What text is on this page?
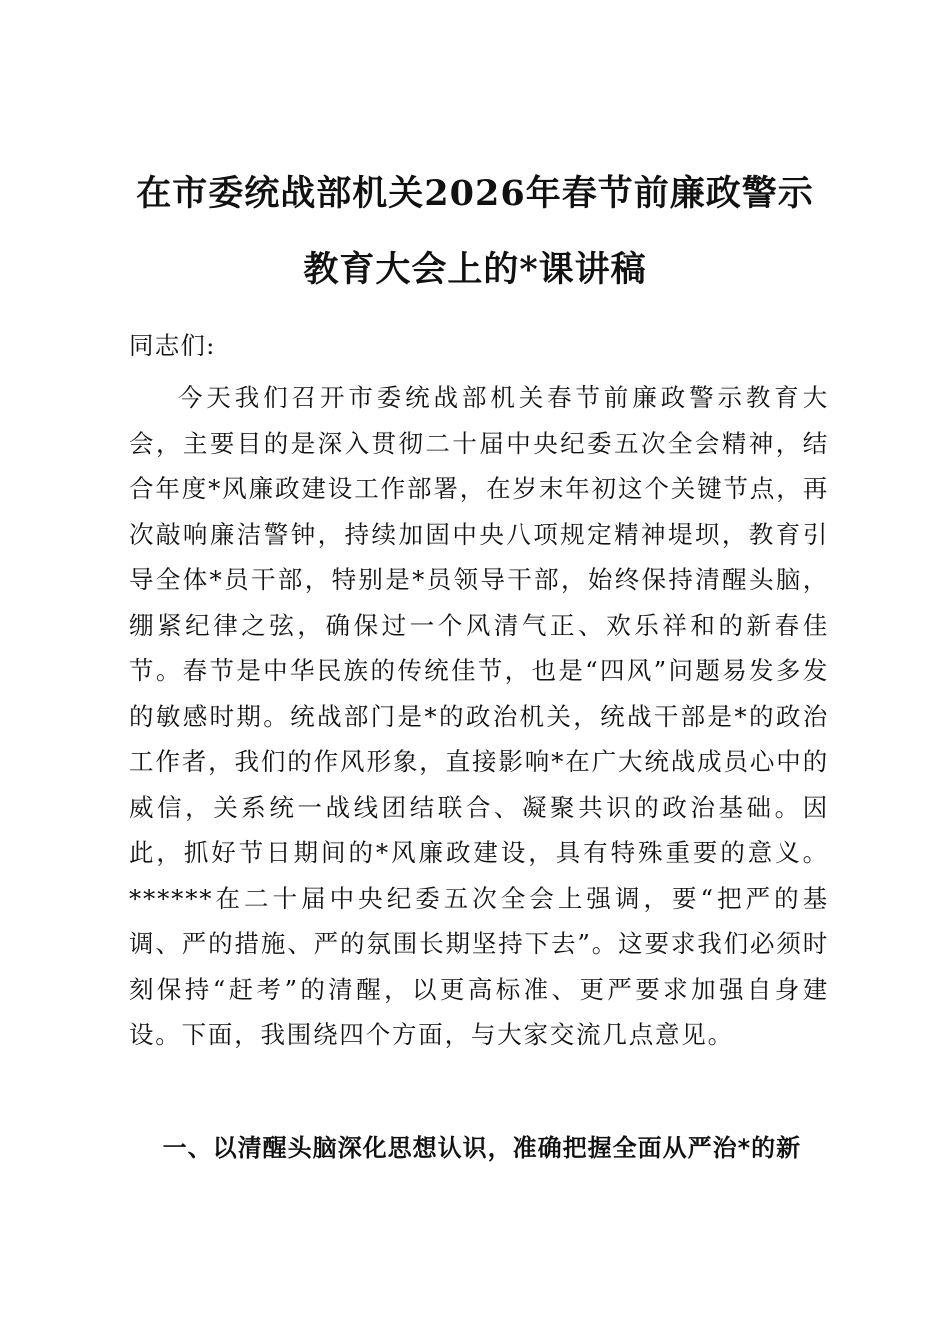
在市委统战部机关2026年春节前廉政警示
教育大会上的*课讲稿
同志们:

今天我们召开市委统战部机关春节前廉政警示教育大会，主要目的是深入贯彻二十届中央纪委五次全会精神，结合年度*风廉政建设工作部署，在岁末年初这个关键节点，再次敲响廉洁警钟，持续加固中央八项规定精神堤坝，教育引导全体*员干部，特别是*员领导干部，始终保持清醒头脑，绷紧纪律之弦，确保过一个风清气正、欢乐祥和的新春佳节。春节是中华民族的传统佳节，也是“四风”问题易发多发的敏感时期。统战部门是*的政治机关，统战干部是*的政治工作者，我们的作风形象，直接影响*在广大统战成员心中的威信，关系统一战线团结联合、凝聚共识的政治基础。因此，抓好节日期间的*风廉政建设，具有特殊重要的意义。******在二十届中央纪委五次全会上强调，要“把严的基调、严的措施、严的氛围长期坚持下去”。这要求我们必须时刻保持“赶考”的清醒，以更高标准、更严要求加强自身建设。下面，我围绕四个方面，与大家交流几点意见。

一、以清醒头脑深化思想认识，准确把握全面从严治*的新
